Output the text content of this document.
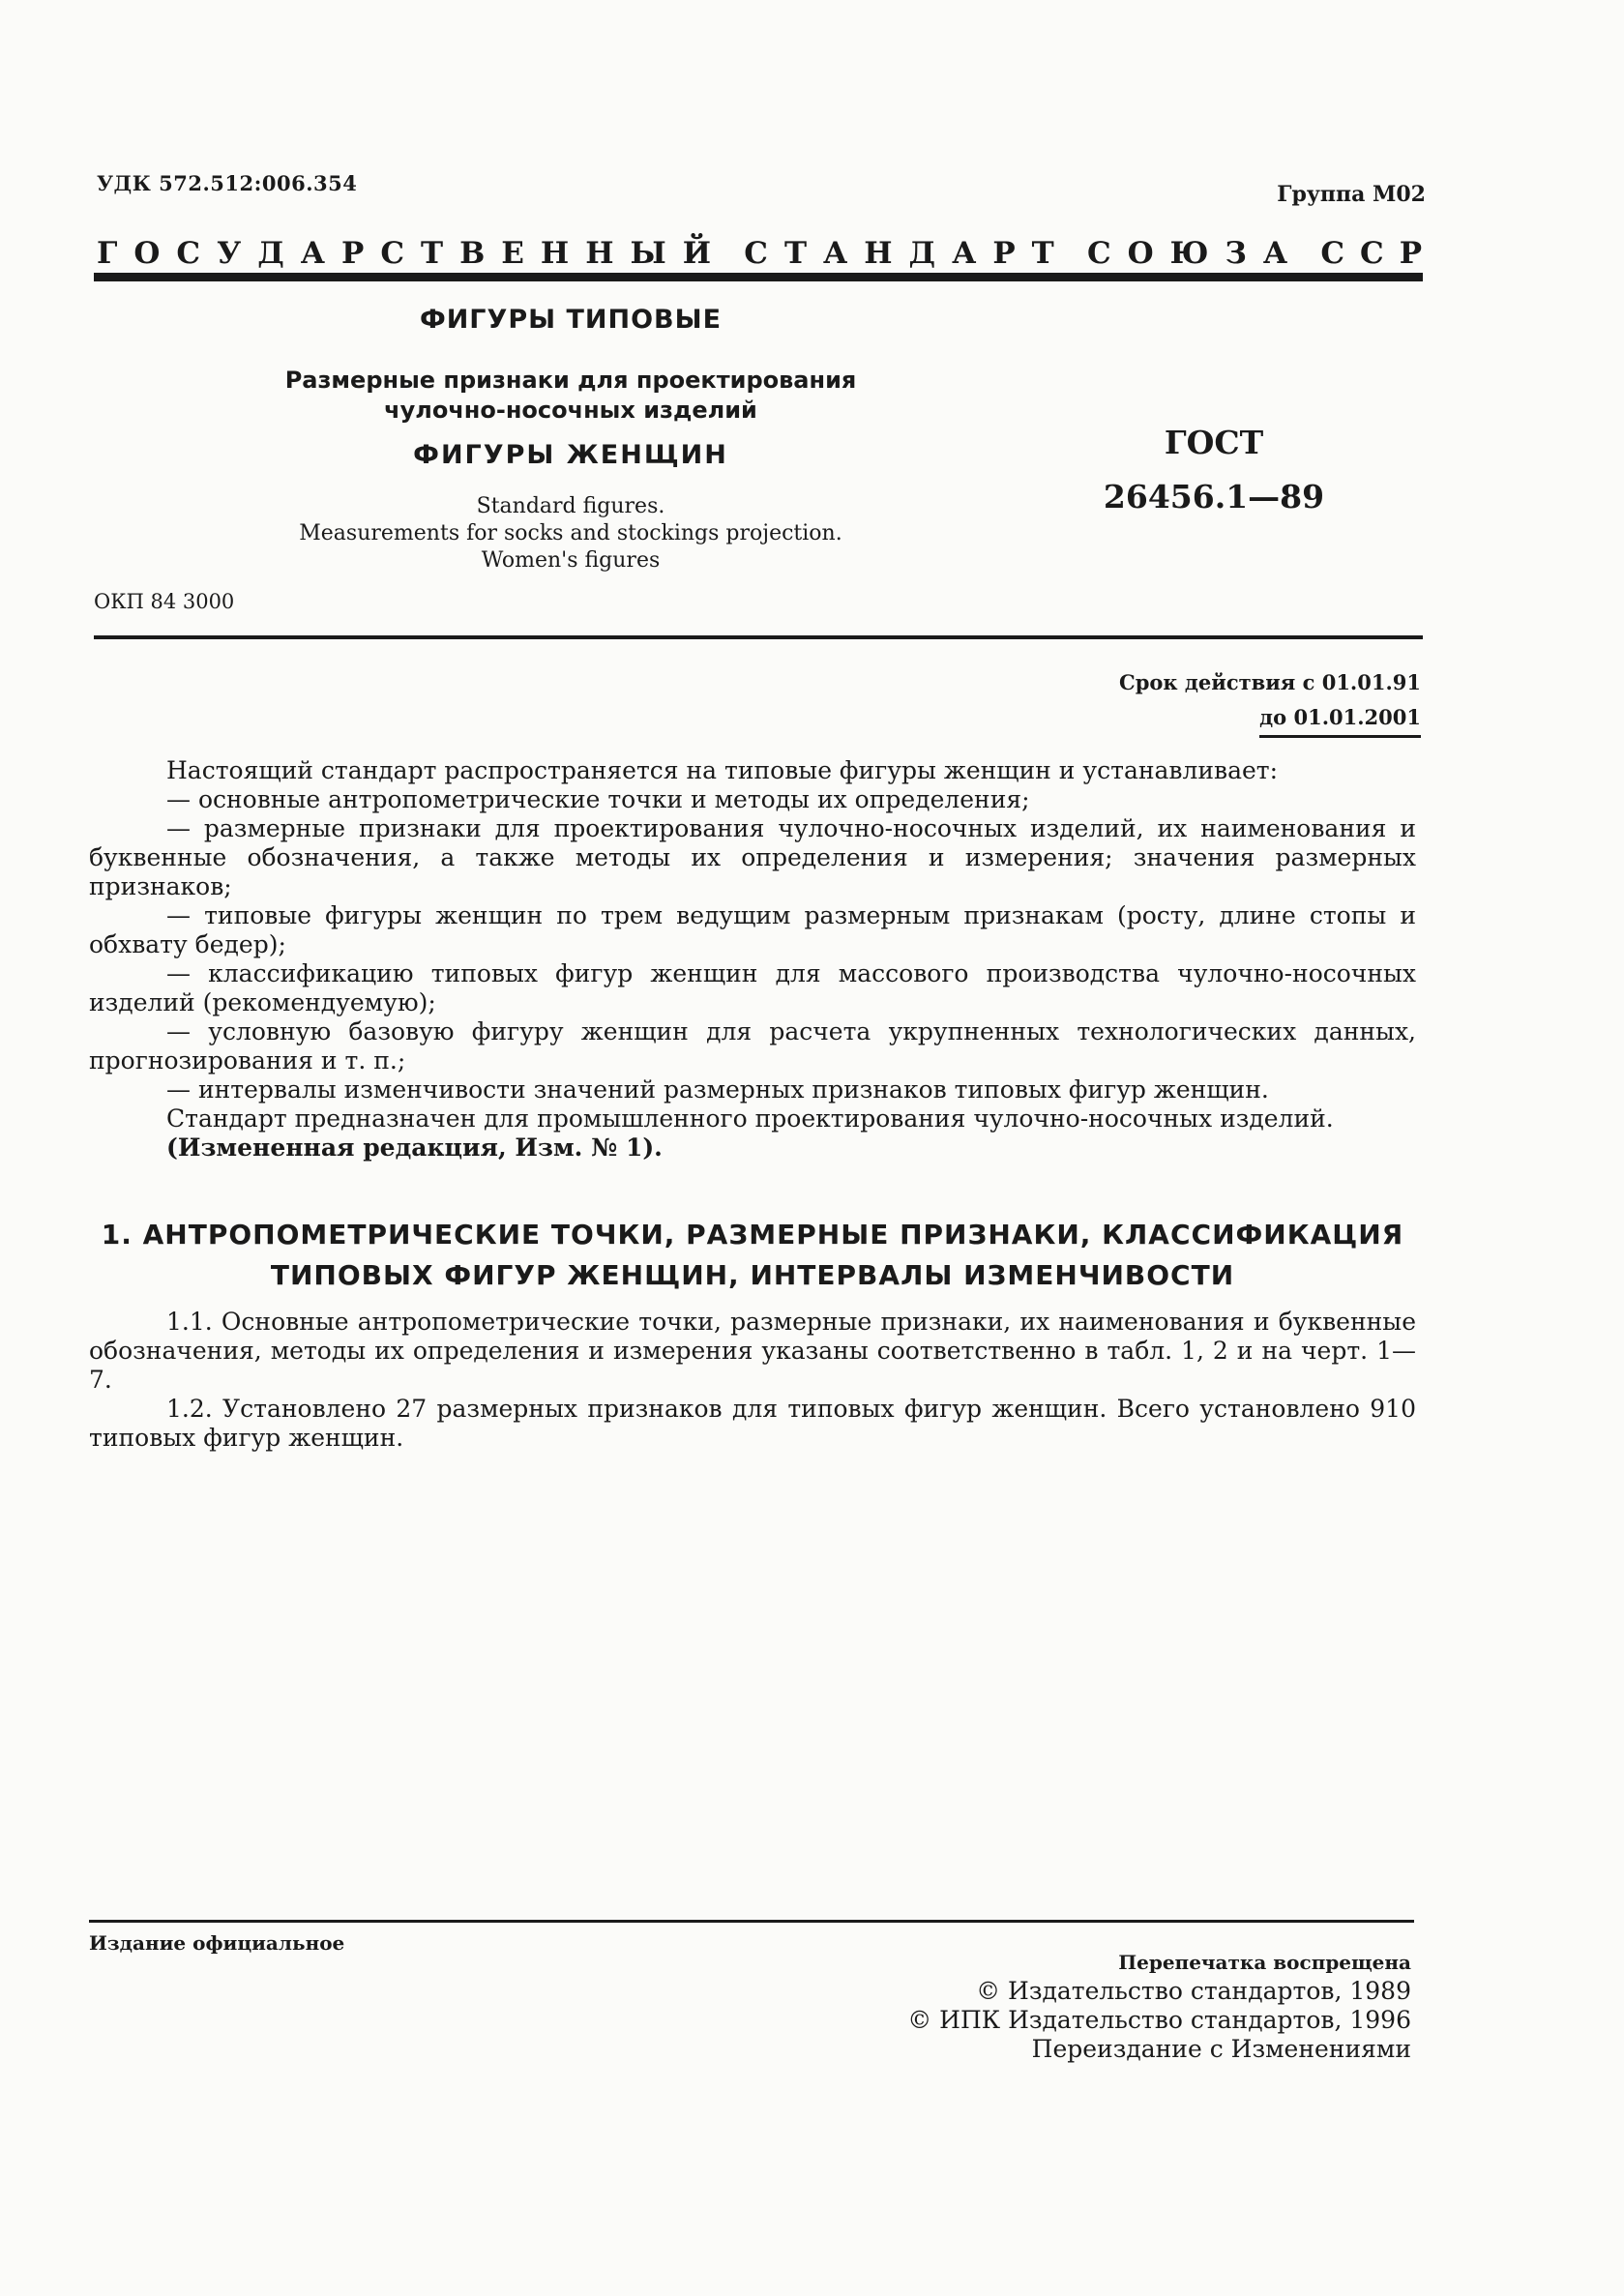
УДК 572.512:006.354	Группа М02
ГОСУДАРСТВЕННЫЙ СТАНДАРТ СОЮЗА ССР
ФИГУРЫ ТИПОВЫЕ
Размерные признаки для проектирования
чулочно-носочных изделий
ФИГУРЫ ЖЕНЩИН
Standard figures.
Measurements for socks and stockings projection.
Women's figures
ГОСТ
26456.1—89
ОКП 84 3000
Срок действия с 01.01.91
до 01.01.2001

Настоящий стандарт распространяется на типовые фигуры женщин и устанавливает:

— основные антропометрические точки и методы их определения;

— размерные признаки для проектирования чулочно-носочных изделий, их наименования и буквенные обозначения, а также методы их определения и измерения; значения размерных признаков;

— типовые фигуры женщин по трем ведущим размерным признакам (росту, длине стопы и обхвату бедер);

— классификацию типовых фигур женщин для массового производства чулочно-носочных изделий (рекомендуемую);

— условную базовую фигуру женщин для расчета укрупненных технологических данных, прогнозирования и т. п.;

— интервалы изменчивости значений размерных признаков типовых фигур женщин.

Стандарт предназначен для промышленного проектирования чулочно-носочных изделий.

(Измененная редакция, Изм. № 1).

1. АНТРОПОМЕТРИЧЕСКИЕ ТОЧКИ, РАЗМЕРНЫЕ ПРИЗНАКИ, КЛАССИФИКАЦИЯ
ТИПОВЫХ ФИГУР ЖЕНЩИН, ИНТЕРВАЛЫ ИЗМЕНЧИВОСТИ

1.1. Основные антропометрические точки, размерные признаки, их наименования и буквенные обозначения, методы их определения и измерения указаны соответственно в табл. 1, 2 и на черт. 1—7.

1.2. Установлено 27 размерных признаков для типовых фигур женщин. Всего установлено 910 типовых фигур женщин.

Издание официальное
Перепечатка воспрещена
© Издательство стандартов, 1989
© ИПК Издательство стандартов, 1996
Переиздание с Изменениями
